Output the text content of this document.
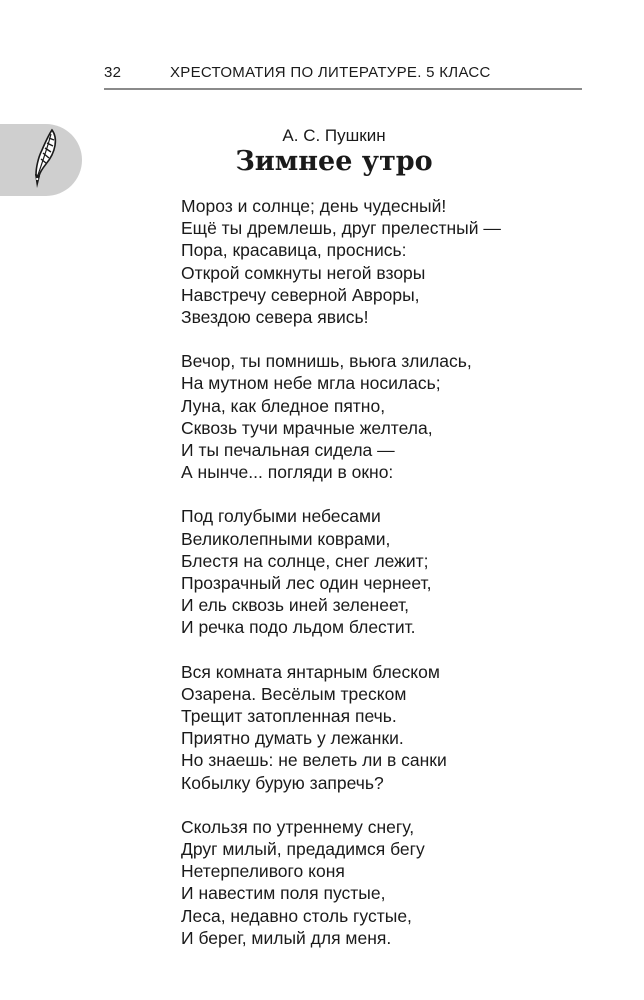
32	ХРЕСТОМАТИЯ ПО ЛИТЕРАТУРЕ. 5 КЛАСС
А. С. Пушкин
Зимнее утро
Мороз и солнце; день чудесный!
Ещё ты дремлешь, друг прелестный —
Пора, красавица, проснись:
Открой сомкнуты негой взоры
Навстречу северной Авроры,
Звездою севера явись!
Вечор, ты помнишь, вьюга злилась,
На мутном небе мгла носилась;
Луна, как бледное пятно,
Сквозь тучи мрачные желтела,
И ты печальная сидела —
А нынче... погляди в окно:
Под голубыми небесами
Великолепными коврами,
Блестя на солнце, снег лежит;
Прозрачный лес один чернеет,
И ель сквозь иней зеленеет,
И речка подо льдом блестит.
Вся комната янтарным блеском
Озарена. Весёлым треском
Трещит затопленная печь.
Приятно думать у лежанки.
Но знаешь: не велеть ли в санки
Кобылку бурую запречь?
Скользя по утреннему снегу,
Друг милый, предадимся бегу
Нетерпеливого коня
И навестим поля пустые,
Леса, недавно столь густые,
И берег, милый для меня.
